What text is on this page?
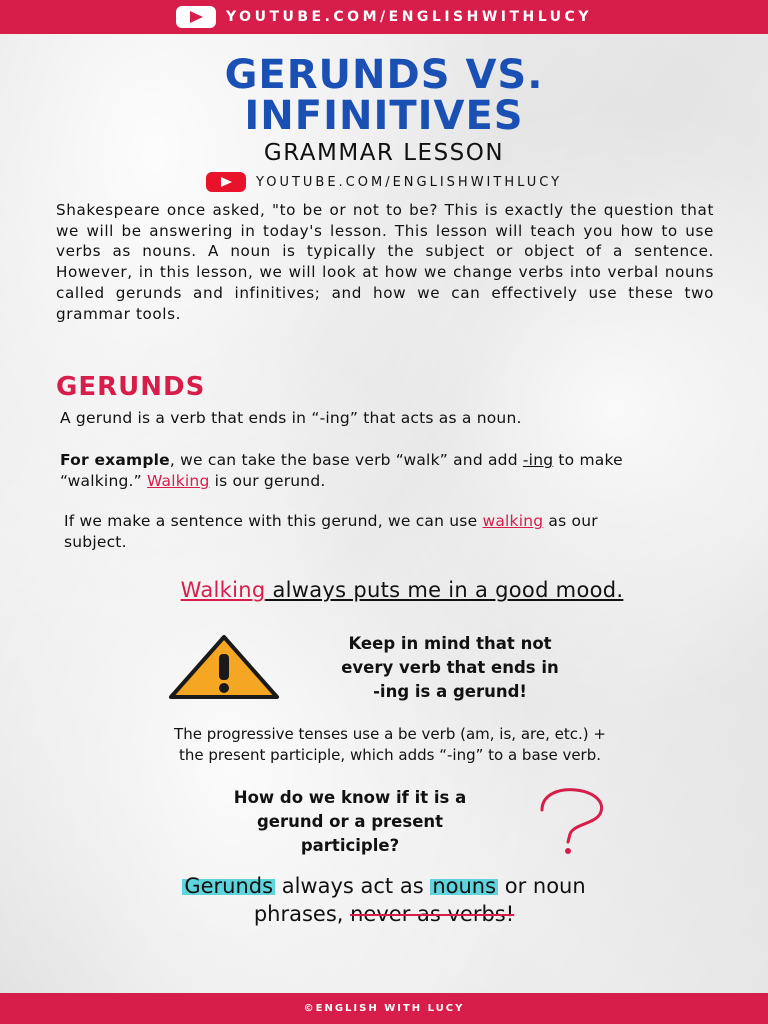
YOUTUBE.COM/ENGLISHWITHLUCY
GERUNDS VS.
INFINITIVES
GRAMMAR LESSON
YOUTUBE.COM/ENGLISHWITHLUCY

Shakespeare once asked, "to be or not to be? This is exactly the question that we will be answering in today's lesson. This lesson will teach you how to use verbs as nouns. A noun is typically the subject or object of a sentence. However, in this lesson, we will look at how we change verbs into verbal nouns called gerunds and infinitives; and how we can effectively use these two grammar tools.

GERUNDS

A gerund is a verb that ends in “-ing” that acts as a noun.

For example, we can take the base verb “walk” and add -ing to make “walking.” Walking is our gerund.

If we make a sentence with this gerund, we can use walking as our subject.

Walking always puts me in a good mood.
Keep in mind that not
every verb that ends in
-ing is a gerund!
The progressive tenses use a be verb (am, is, are, etc.) +
the present participle, which adds “-ing” to a base verb.
How do we know if it is a
gerund or a present
participle?
Gerunds always act as nouns or noun
phrases, never as verbs!
©ENGLISH WITH LUCY
